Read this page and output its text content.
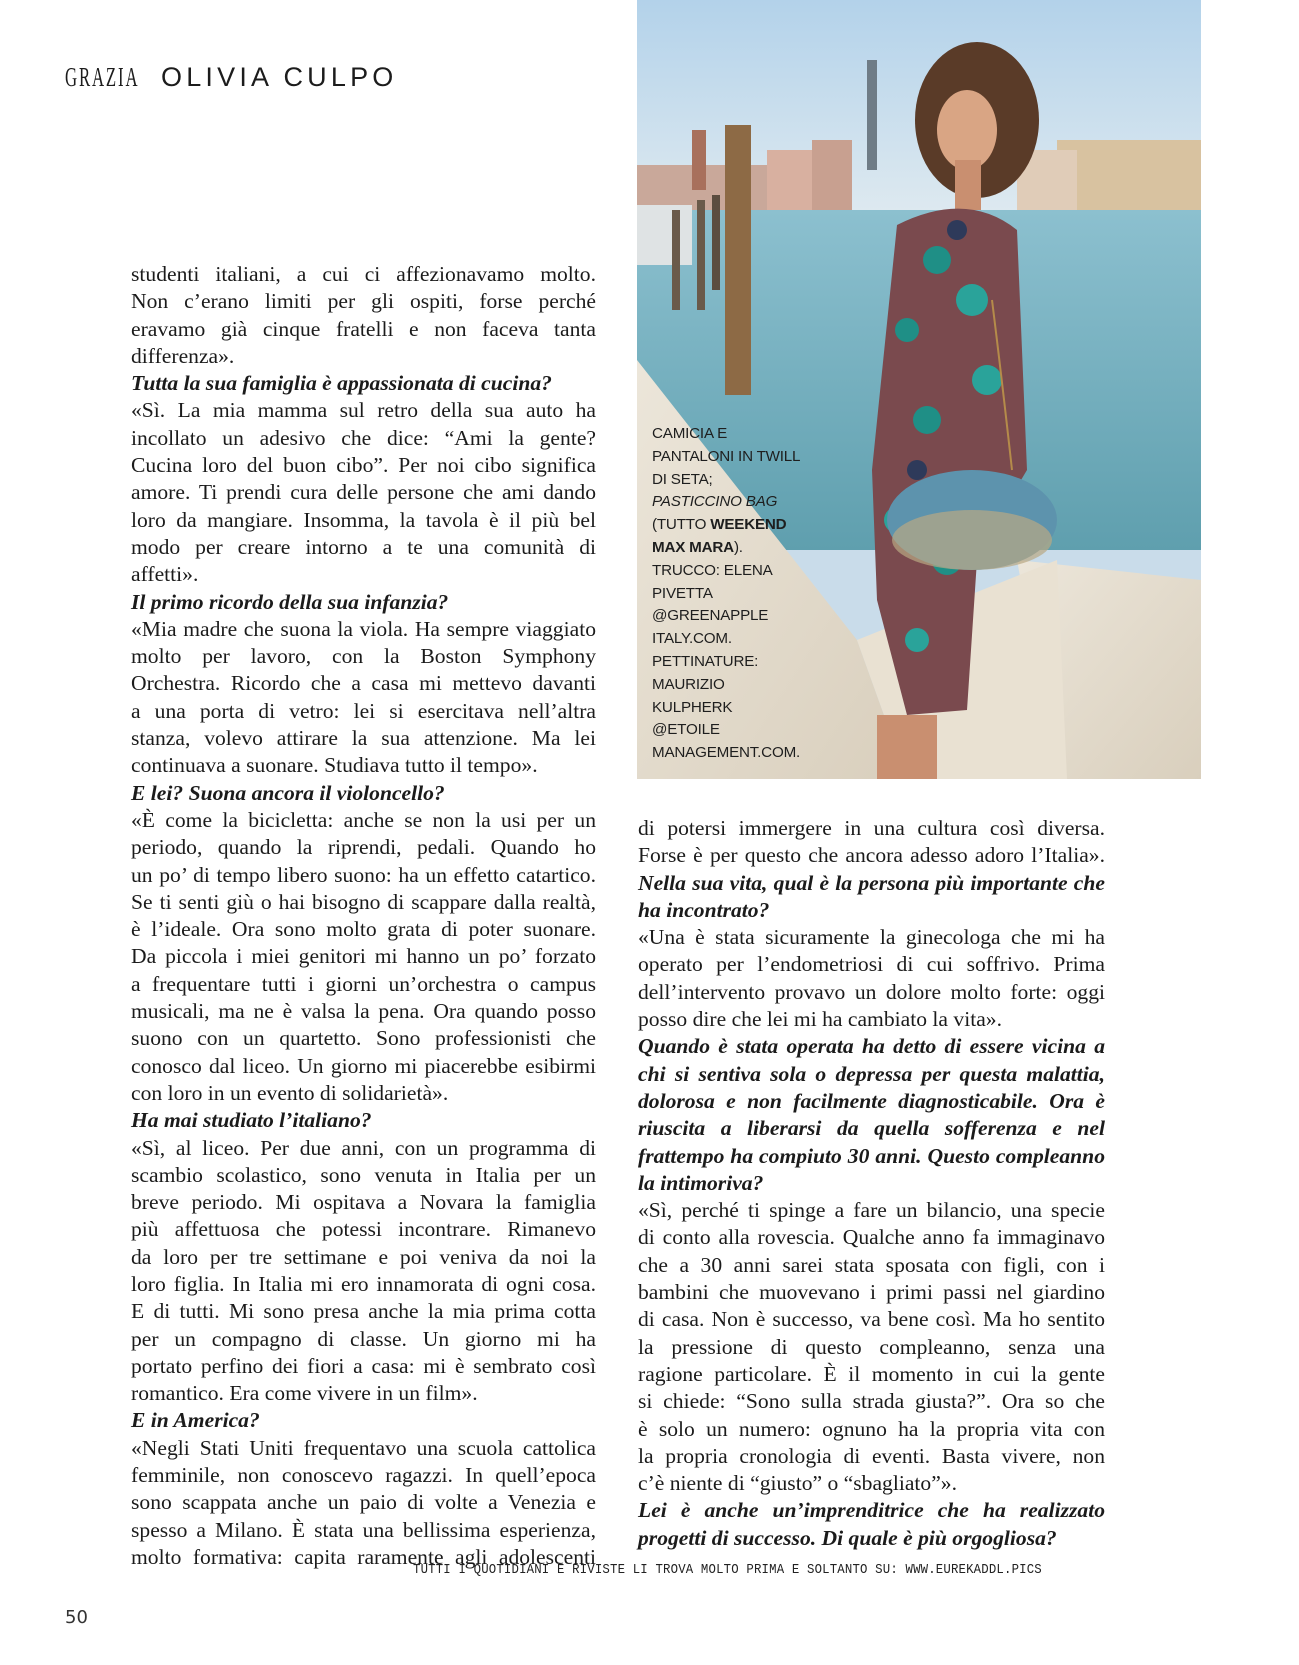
GRAZIA OLIVIA CULPO
studenti italiani, a cui ci affezionavamo molto.
Non c’erano limiti per gli ospiti, forse perché
eravamo già cinque fratelli e non faceva tanta
differenza».
Tutta la sua famiglia è appassionata di cucina?
«Sì. La mia mamma sul retro della sua auto ha
incollato un adesivo che dice: “Ami la gente?
Cucina loro del buon cibo”. Per noi cibo significa
amore. Ti prendi cura delle persone che ami dando
loro da mangiare. Insomma, la tavola è il più bel
modo per creare intorno a te una comunità di
affetti».
Il primo ricordo della sua infanzia?
«Mia madre che suona la viola. Ha sempre viaggiato
molto per lavoro, con la Boston Symphony
Orchestra. Ricordo che a casa mi mettevo davanti
a una porta di vetro: lei si esercitava nell’altra
stanza, volevo attirare la sua attenzione. Ma lei
continuava a suonare. Studiava tutto il tempo».
E lei? Suona ancora il violoncello?
«È come la bicicletta: anche se non la usi per un
periodo, quando la riprendi, pedali. Quando ho
un po’ di tempo libero suono: ha un effetto catartico.
Se ti senti giù o hai bisogno di scappare dalla realtà,
è l’ideale. Ora sono molto grata di poter suonare.
Da piccola i miei genitori mi hanno un po’ forzato
a frequentare tutti i giorni un’orchestra o campus
musicali, ma ne è valsa la pena. Ora quando posso
suono con un quartetto. Sono professionisti che
conosco dal liceo. Un giorno mi piacerebbe esibirmi
con loro in un evento di solidarietà».
Ha mai studiato l’italiano?
«Sì, al liceo. Per due anni, con un programma di
scambio scolastico, sono venuta in Italia per un
breve periodo. Mi ospitava a Novara la famiglia
più affettuosa che potessi incontrare. Rimanevo
da loro per tre settimane e poi veniva da noi la
loro figlia. In Italia mi ero innamorata di ogni cosa.
E di tutti. Mi sono presa anche la mia prima cotta
per un compagno di classe. Un giorno mi ha
portato perfino dei fiori a casa: mi è sembrato così
romantico. Era come vivere in un film».
E in America?
«Negli Stati Uniti frequentavo una scuola cattolica
femminile, non conoscevo ragazzi. In quell’epoca
sono scappata anche un paio di volte a Venezia e
spesso a Milano. È stata una bellissima esperienza,
molto formativa: capita raramente agli adolescenti
CAMICIA E
PANTALONI IN TWILL
DI SETA;
PASTICCINO BAG
(TUTTO WEEKEND
MAX MARA).
TRUCCO: ELENA
PIVETTA
@GREENAPPLE
ITALY.COM.
PETTINATURE:
MAURIZIO
KULPHERK
@ETOILE
MANAGEMENT.COM.
di potersi immergere in una cultura così diversa.
Forse è per questo che ancora adesso adoro l’Italia».
Nella sua vita, qual è la persona più importante che
ha incontrato?
«Una è stata sicuramente la ginecologa che mi ha
operato per l’endometriosi di cui soffrivo. Prima
dell’intervento provavo un dolore molto forte: oggi
posso dire che lei mi ha cambiato la vita».
Quando è stata operata ha detto di essere vicina a
chi si sentiva sola o depressa per questa malattia,
dolorosa e non facilmente diagnosticabile. Ora è
riuscita a liberarsi da quella sofferenza e nel
frattempo ha compiuto 30 anni. Questo compleanno
la intimoriva?
«Sì, perché ti spinge a fare un bilancio, una specie
di conto alla rovescia. Qualche anno fa immaginavo
che a 30 anni sarei stata sposata con figli, con i
bambini che muovevano i primi passi nel giardino
di casa. Non è successo, va bene così. Ma ho sentito
la pressione di questo compleanno, senza una
ragione particolare. È il momento in cui la gente
si chiede: “Sono sulla strada giusta?”. Ora so che
è solo un numero: ognuno ha la propria vita con
la propria cronologia di eventi. Basta vivere, non
c’è niente di “giusto” o “sbagliato”».
Lei è anche un’imprenditrice che ha realizzato
progetti di successo. Di quale è più orgogliosa?
TUTTI I QUOTIDIANI E RIVISTE LI TROVA MOLTO PRIMA E SOLTANTO SU: WWW.EUREKADDL.PICS
50
